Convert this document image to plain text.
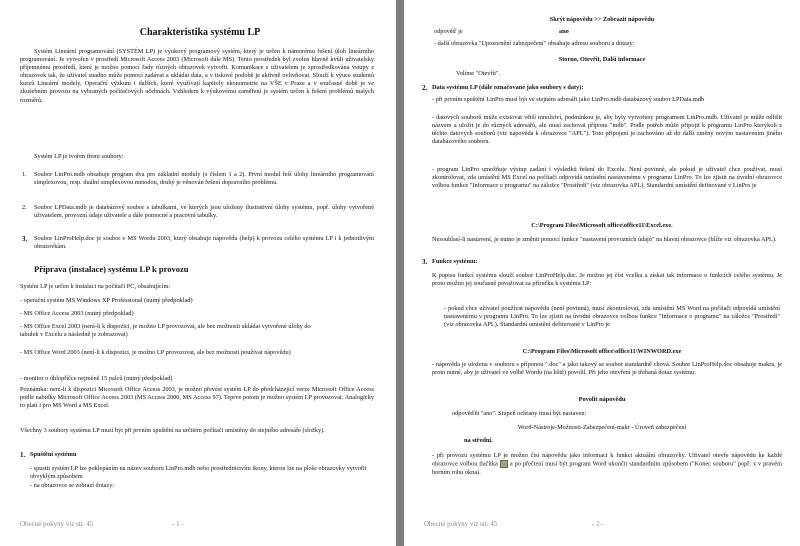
Charakteristika systému LP

Systém Lineární programování (SYSTÉM LP) je výukový programový systém, který je určen k námorému řešení úloh lineárního programování. Je vytvořen v prostředí Microsoft Access 2003 (Microsoft dále MS). Tento prostředek byl zvolen hlavně kvůli uživatelsky příjemnému prostředí, které je možno pomocí řady různých obrazovek vytvořit. Komunikace s uživatelem je zprostředkována vstupy z obrazovek tak, že uživatel snadno může pomocí zadávat a ukládat data, a v tiskové podobě je aktivně ovlivňovat. Slouží k výuce studentů kurzů Lineární modely, Operační výzkum i dalších, které využívají kapitoly ekonometrie na VŠE v Praze a v současné době je ve zkušebním provozu na vybraných počítačových učebnách. Vzhledem k výukovému zaměření je systém určen k řešení problémů malých rozměrů.

Systém LP je tvořen třemi soubory:

1. Soubor LinPro.mdb obsahuje program dva pro základní moduly (s číslem 1 a 2). První modul řeší úlohy lineárního programování simplexovou, resp. duální simplexovou metodou, druhý je věnován řešení dopravního problému.

2. Soubor LPData.mdb je databázový soubor s tabulkami, ve kterých jsou uloženy ilustrativní úlohy systému, popř. úlohy vytvořené uživatelem, provozní údaje uživatele a dále pomocné a pracovní tabulky.

3. Soubor LinProHelp.doc je soubor v MS Wordu 2003, který obsahuje nápovědu (help) k provozu celého systému LP i k jednotlivým obrazovkám.

Příprava (instalace) systému LP k provozu

Systém LP je určen k instalaci na počítači PC, obsahujícím:

- operační systém MS Windows XP Professional (nutný předpoklad)

- MS Office Access 2003 (nutný předpoklad)

- MS Office Excel 2003 (není-li k dispozici, je možno LP provozovat, ale bez možnosti ukládat vytvořené úlohy do tabulek v Excelu a následně je zobrazovat)

- MS Office Word 2003 (není-li k dispozici, je možno LP provozovat, ale bez možnosti používat nápovědu)

- monitor o úhlopříčce nejméně 15 palců (nutný předpoklad)

Poznámka: není-li k dispozici Microsoft Office Access 2003, je možno převést systém LP do předcházející verze Microsoft Office Access podle nabídky Microsoft Office Access 2003 (MS Access 2000, MS Access 97). Teprve potom je možno systém LP provozovat. Analogicky to platí i pro MS Word a MS Excel.

Všechny 3 soubory systému LP musí být při prvním spuštění na určitém počítači umístěny do stejného adresáře (složky).

1. Spuštění systému

- spustit systém LP lze poklepáním na název souboru LinPro.mdb nebo prostřednictvím ikony, kterou lze na ploše obrazovky vytvořit obvyklým způsobem

- na obrazovce se zobrazí dotazy:

Obecné pokyny viz str. 45	- 1 -
Skrýt nápovědu >> Zobrazit nápovědu
odpověď je	ano

- další obrazovka "Upozornění zabezpečení" obsahuje adresu souboru a dotazy:

Storno, Otevřít, Další informace
Volíme "Otevřít".
2. Data systému LP (dále označované jako soubory s daty):

- při prvním spuštění LinPro musí být ve stejném adresáři jako LinPro.mdb databázový soubor LPData.mdb

- datových souborů může existovat větší množství, podmínkou je, aby byly vytvořeny programem LinPro.mdb. Uživatel je může odlišit názvem a uložit je do různých adresářů, ale musí zachovat příponu "mdb". Podle potřeb může připojit k programu LinPro kterýkoli z těchto datových souborů (viz nápověda k obrazovce "APL"). Toto připojení je zachováno až do další změny novým nastavením jiného databázového souboru.

- program LinPro umožňuje výstup zadání i výsledků řešení do Excelu. Není povinné, ale pokud je uživatel chce používat, musí zkontrolovat, zda umístění MS Excel na počítači odpovídá umístění nastavenému v programu LinPro. To lze zjistit na úvodní obrazovce volbou funkce "Informace o programu" na záložce "Prostředí" (viz obrazovka APL). Standardní umístění definované v LinPro je

C:\Program Files\Microsoft office\office11\Excel.exe.

Nesouhlasí-li nastavení, je nutno je změnit pomocí funkce "nastavení provozních údajů" na hlavní obrazovce (blíže viz obrazovka APL).

3. Funkce systému:

K popisu funkcí systému slouží soubor LinProHelp.doc. Je možno jej číst vcelku a získat tak informace o funkcích celého systému. Je proto možno jej současně považovat za příručku k systému LP:

- pokud chce uživatel používat nápovědu (není povinná), musí zkontrolovat, zda umístění MS Word na počítači odpovídá umístění nastavenému v programu LinPro. To lze zjistit na úvodní obrazovce volbou funkce "Informace o programu" na záložce "Prostředí" (viz obrazovka APL). Standardní umístění definované v LinPro je

C:\Program Files\Microsoft office\office11\WINWORD.exe

- nápověda je uložena v souboru s příponou ".doc" a jako takový se soubor standardně chová. Soubor LinProHelp.doc obsahuje makra, je proto nutné, aby je uživatel ve volbě Wordu (na liště) povolil. Při jeho otevření je třebaná dotaz systému:

Povolit nápovědu
odpověďět "ano". Stupeň ochrany musí být nastaven:
Word-Nástroje-Možnosti-Zabezpečení-makr - Úroveň zabezpečení
na střední.

- při provozu systému LP je možno číst nápovědu jako informaci k funkci aktuální obrazovky. Uživatel otevře nápovědu ke každé obrazovce volbou tlačítka a po přečtení musí být program Word ukončit standardním způsobem ("Konec souboru" popř. x v pravém horním rohu okna).

Obecné pokyny viz str. 45	- 2 -
